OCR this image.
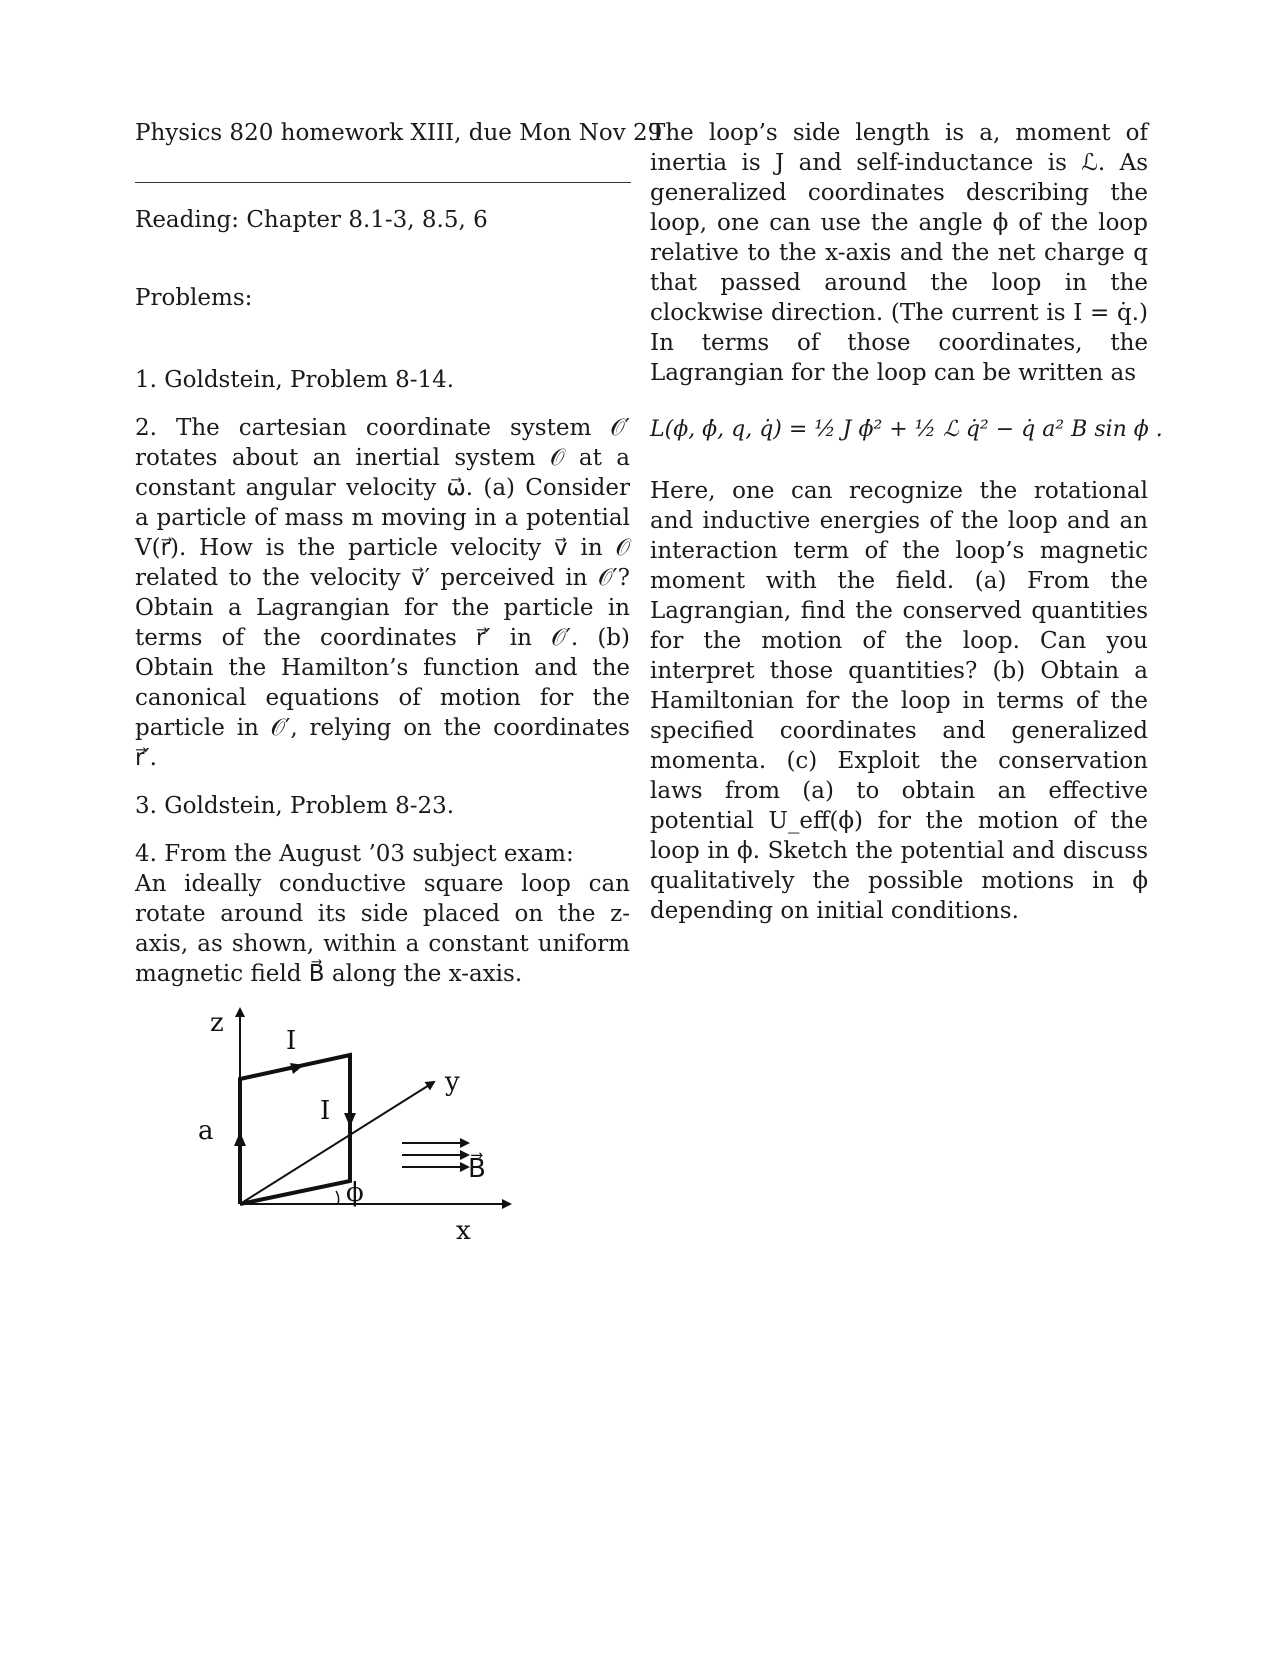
Physics 820 homework XIII, due Mon Nov 29

Reading: Chapter 8.1-3, 8.5, 6

Problems:

1. Goldstein, Problem 8-14.

2. The cartesian coordinate system 𝒪′ rotates about an inertial system 𝒪 at a constant angular velocity ω⃗. (a) Consider a particle of mass m moving in a potential V(r⃗). How is the particle velocity v⃗ in 𝒪 related to the velocity v⃗′ perceived in 𝒪′? Obtain a Lagrangian for the particle in terms of the coordinates r⃗′ in 𝒪′. (b) Obtain the Hamilton’s function and the canonical equations of motion for the particle in 𝒪′, relying on the coordinates r⃗′.

3. Goldstein, Problem 8-23.

4. From the August ’03 subject exam:

An ideally conductive square loop can rotate around its side placed on the z-axis, as shown, within a constant uniform magnetic field B⃗ along the x-axis.

z
y
x
a
I
I
ϕ
B⃗

The loop’s side length is a, moment of inertia is J and self-inductance is ℒ. As generalized coordinates describing the loop, one can use the angle ϕ of the loop relative to the x-axis and the net charge q that passed around the loop in the clockwise direction. (The current is I = q̇.) In terms of those coordinates, the Lagrangian for the loop can be written as

L(ϕ, ϕ̇, q, q̇) = ½ J ϕ̇² + ½ ℒ q̇² − q̇ a² B sin ϕ .

Here, one can recognize the rotational and inductive energies of the loop and an interaction term of the loop’s magnetic moment with the field. (a) From the Lagrangian, find the conserved quantities for the motion of the loop. Can you interpret those quantities? (b) Obtain a Hamiltonian for the loop in terms of the specified coordinates and generalized momenta. (c) Exploit the conservation laws from (a) to obtain an effective potential U_eff(ϕ) for the motion of the loop in ϕ. Sketch the potential and discuss qualitatively the possible motions in ϕ depending on initial conditions.
